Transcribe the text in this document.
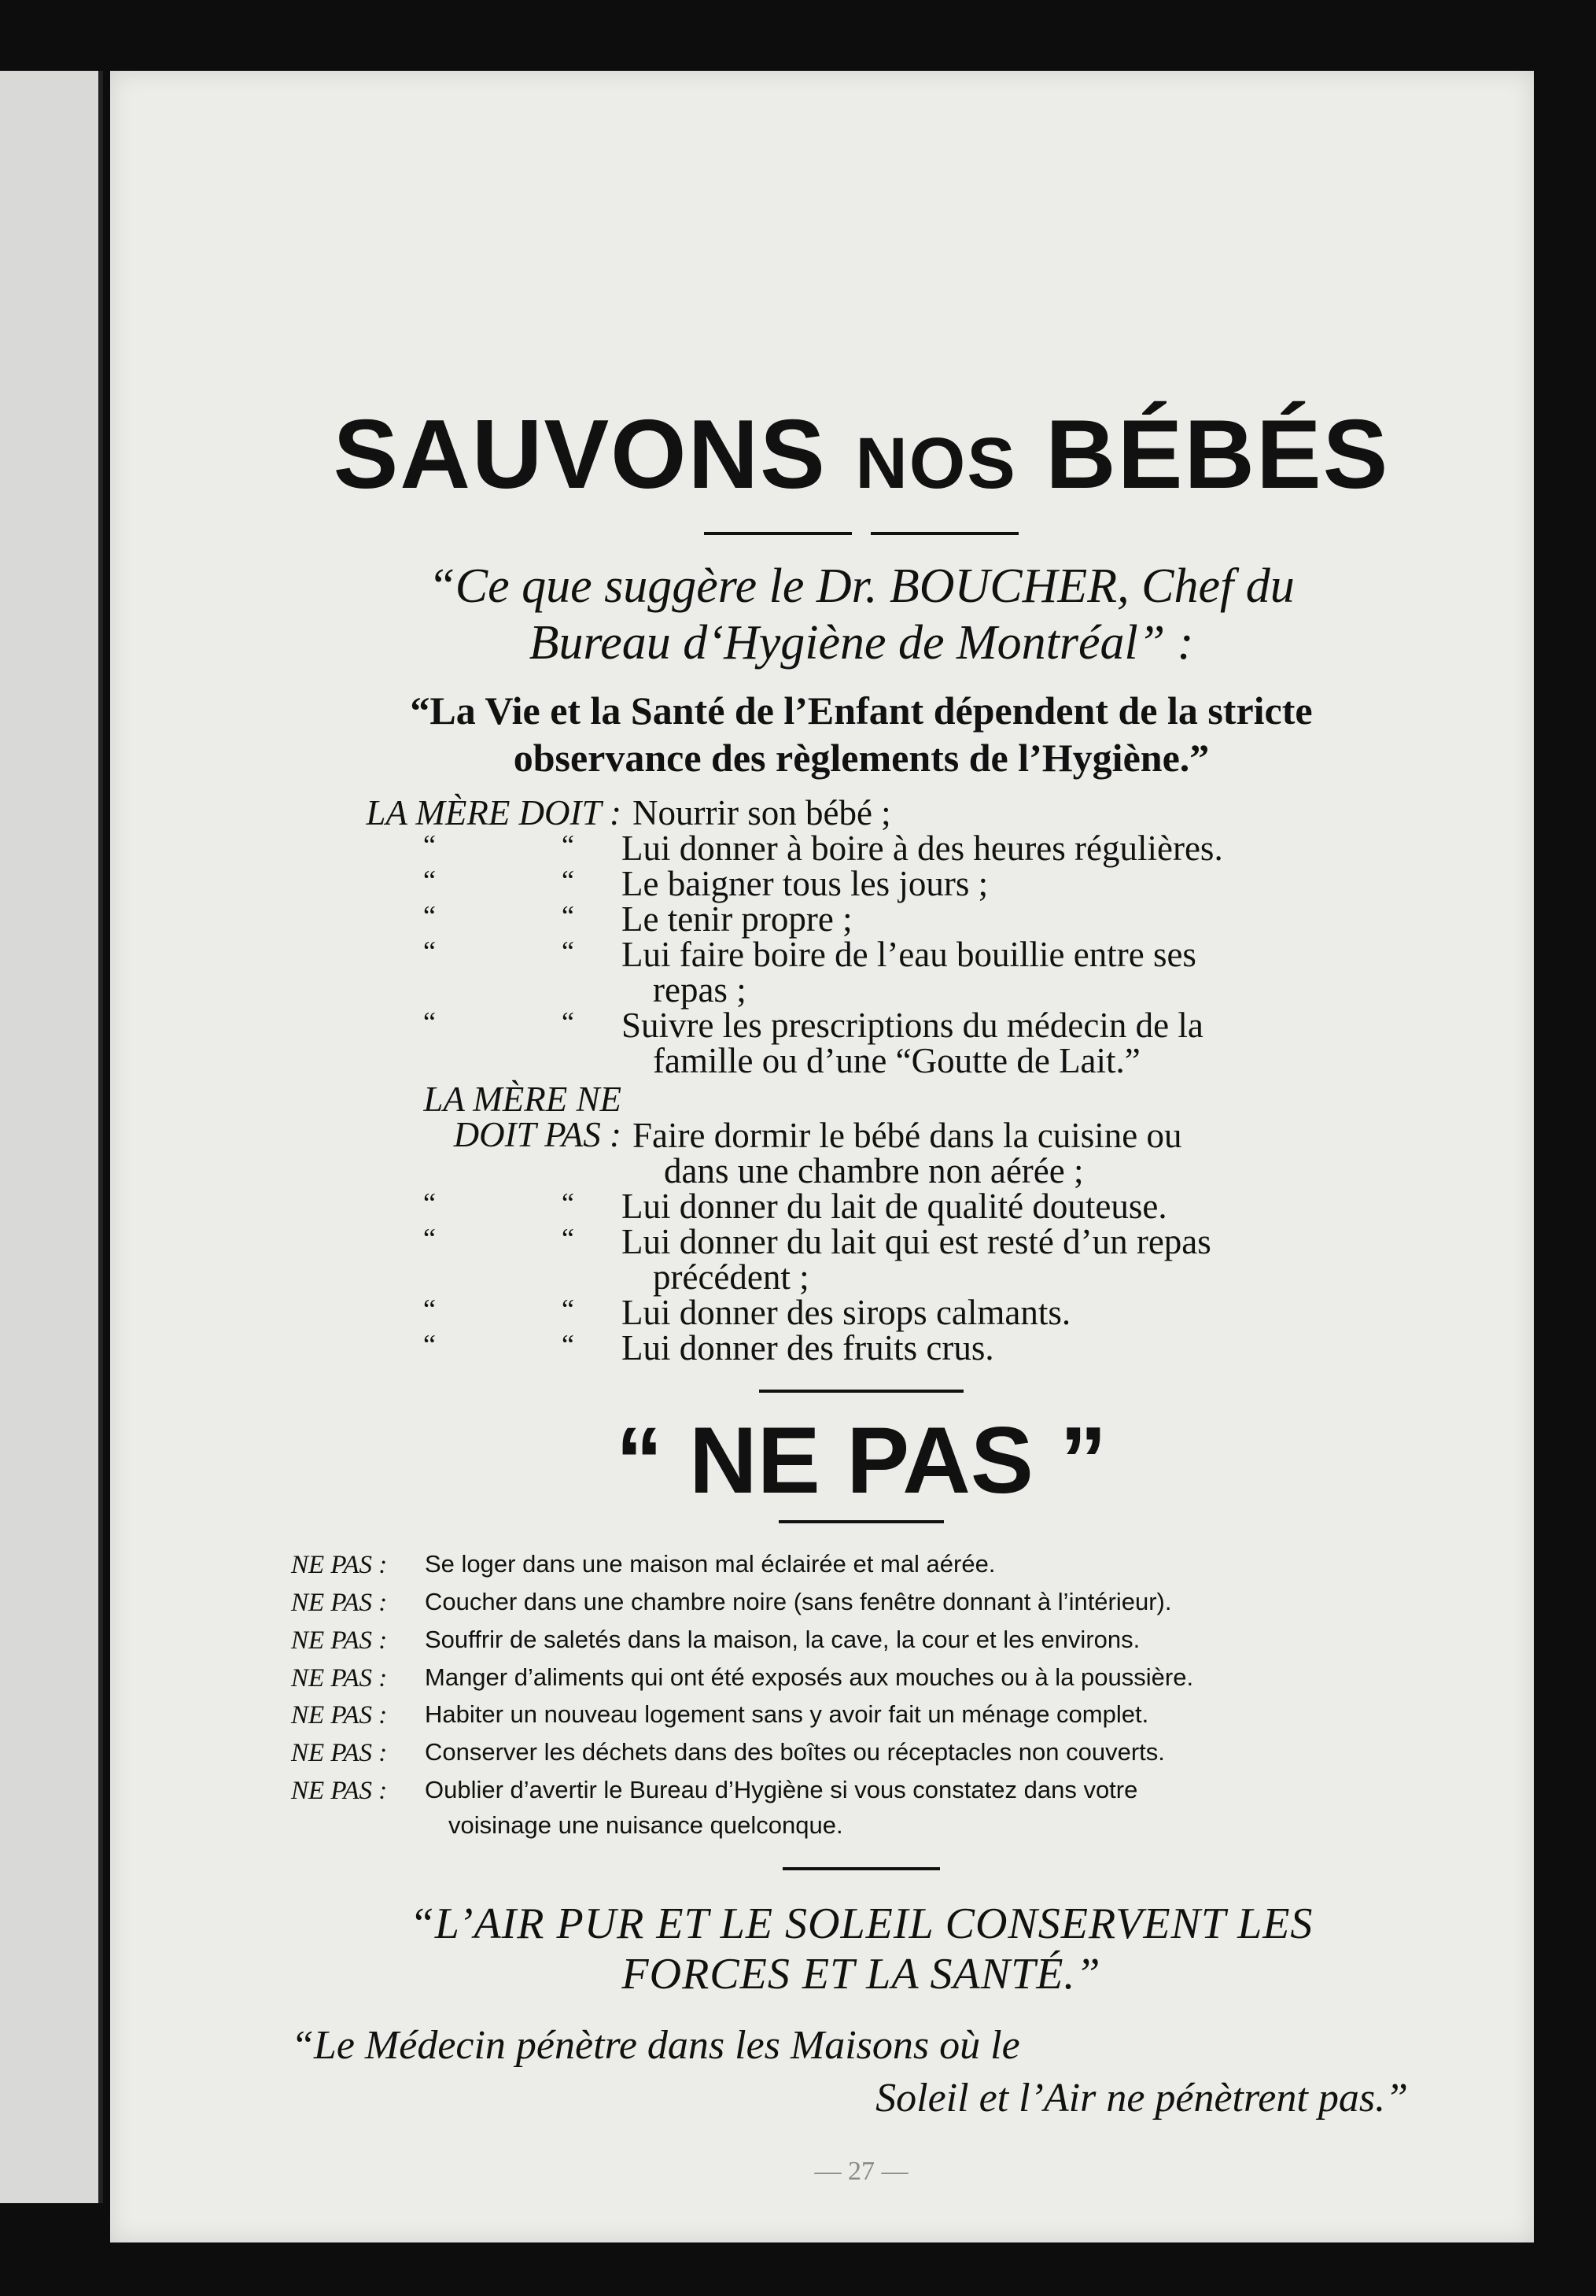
SAUVONS NOS BÉBÉS
“Ce que suggère le Dr. BOUCHER, Chef du
Bureau d‘Hygiène de Montréal” :
“La Vie et la Santé de l’Enfant dépendent de la stricte
observance des règlements de l’Hygiène.”
LA MÈRE DOIT : Nourrir son bébé ;
“	“ Lui donner à boire à des heures régulières.
“	“ Le baigner tous les jours ;
“	“ Le tenir propre ;
“	“ Lui faire boire de l’eau bouillie entre ses
repas ;
“	“ Suivre les prescriptions du médecin de la
famille ou d’une “Goutte de Lait.”
LA MÈRE NE
DOIT PAS : Faire dormir le bébé dans la cuisine ou
dans une chambre non aérée ;
“	“ Lui donner du lait de qualité douteuse.
“	“ Lui donner du lait qui est resté d’un repas
précédent ;
“	“ Lui donner des sirops calmants.
“	“ Lui donner des fruits crus.
“ NE PAS ”
NE PAS :	Se loger dans une maison mal éclairée et mal aérée.
NE PAS :	Coucher dans une chambre noire (sans fenêtre donnant à l’intérieur).
NE PAS :	Souffrir de saletés dans la maison, la cave, la cour et les environs.
NE PAS :	Manger d’aliments qui ont été exposés aux mouches ou à la poussière.
NE PAS :	Habiter un nouveau logement sans y avoir fait un ménage complet.
NE PAS :	Conserver les déchets dans des boîtes ou réceptacles non couverts.
NE PAS :	Oublier d’avertir le Bureau d’Hygiène si vous constatez dans votre
voisinage une nuisance quelconque.
“L’AIR PUR ET LE SOLEIL CONSERVENT LES
FORCES ET LA SANTÉ.”
“Le Médecin pénètre dans les Maisons où le
Soleil et l’Air ne pénètrent pas.”
— 27 —
